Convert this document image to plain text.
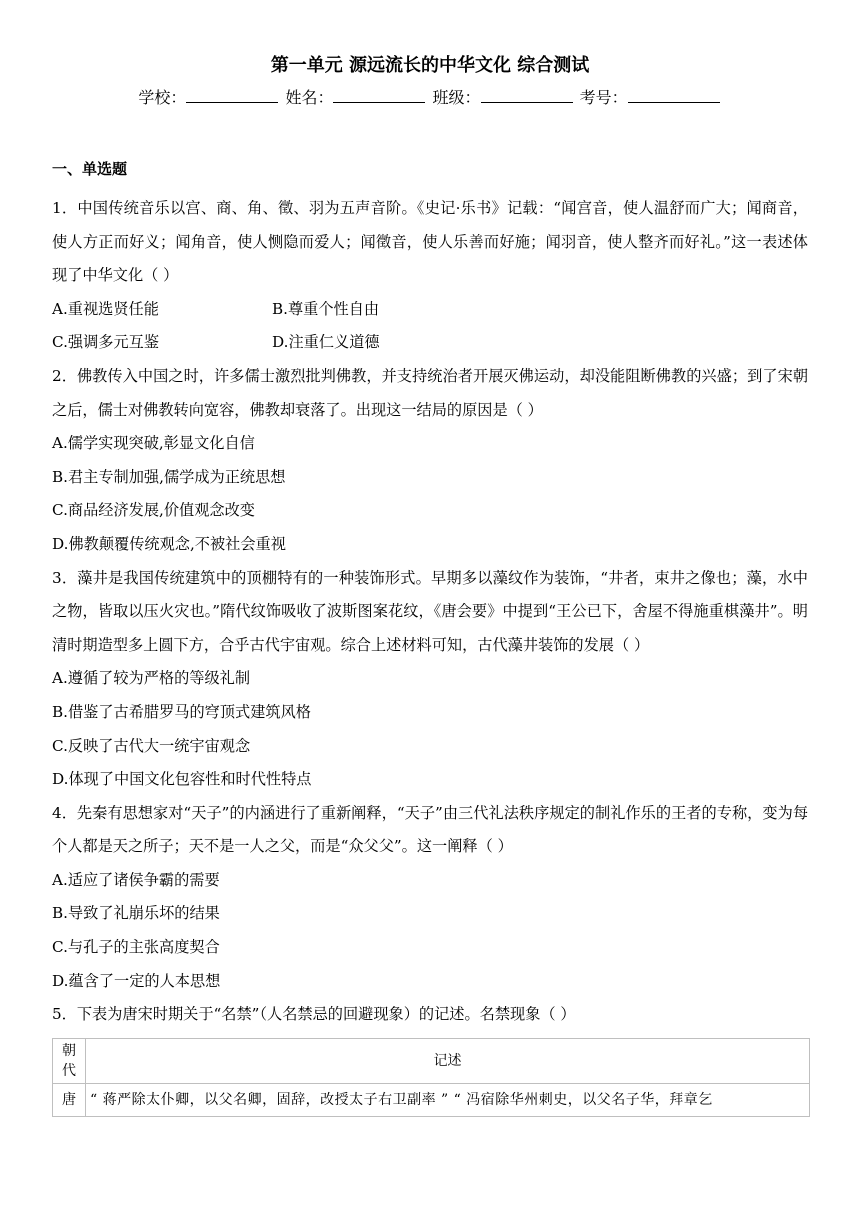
第一单元 源远流长的中华文化 综合测试
学校：	姓名：	班级：	考号：
一、单选题

1．中国传统音乐以宫、商、角、徵、羽为五声音阶。《史记·乐书》记载：“闻宫音，使人温舒而广大；闻商音，使人方正而好义；闻角音，使人恻隐而爱人；闻徵音，使人乐善而好施；闻羽音，使人整齐而好礼。”这一表述体现了中华文化（ ）

A.重视选贤任能	B.尊重个性自由

C.强调多元互鉴	D.注重仁义道德

2．佛教传入中国之时，许多儒士激烈批判佛教，并支持统治者开展灭佛运动，却没能阻断佛教的兴盛；到了宋朝之后，儒士对佛教转向宽容，佛教却衰落了。出现这一结局的原因是（ ）

A.儒学实现突破,彰显文化自信

B.君主专制加强,儒学成为正统思想

C.商品经济发展,价值观念改变

D.佛教颠覆传统观念,不被社会重视

3．藻井是我国传统建筑中的顶棚特有的一种装饰形式。早期多以藻纹作为装饰，“井者，束井之像也；藻，水中之物，皆取以压火灾也。”隋代纹饰吸收了波斯图案花纹，《唐会要》中提到“王公已下，舍屋不得施重棋藻井”。明清时期造型多上圆下方，合乎古代宇宙观。综合上述材料可知，古代藻井装饰的发展（ ）

A.遵循了较为严格的等级礼制

B.借鉴了古希腊罗马的穹顶式建筑风格

C.反映了古代大一统宇宙观念

D.体现了中国文化包容性和时代性特点

4．先秦有思想家对“天子”的内涵进行了重新阐释，“天子”由三代礼法秩序规定的制礼作乐的王者的专称，变为每个人都是天之所子；天不是一人之父，而是“众父父”。这一阐释（ ）

A.适应了诸侯争霸的需要

B.导致了礼崩乐坏的结果

C.与孔子的主张高度契合

D.蕴含了一定的人本思想

5．下表为唐宋时期关于“名禁”（人名禁忌的回避现象）的记述。名禁现象（ ）

朝代	记述
唐	“ 蒋严除太仆卿，以父名卿，固辞，改授太子右卫副率 ” “ 冯宿除华州刺史，以父名子华，拜章乞
